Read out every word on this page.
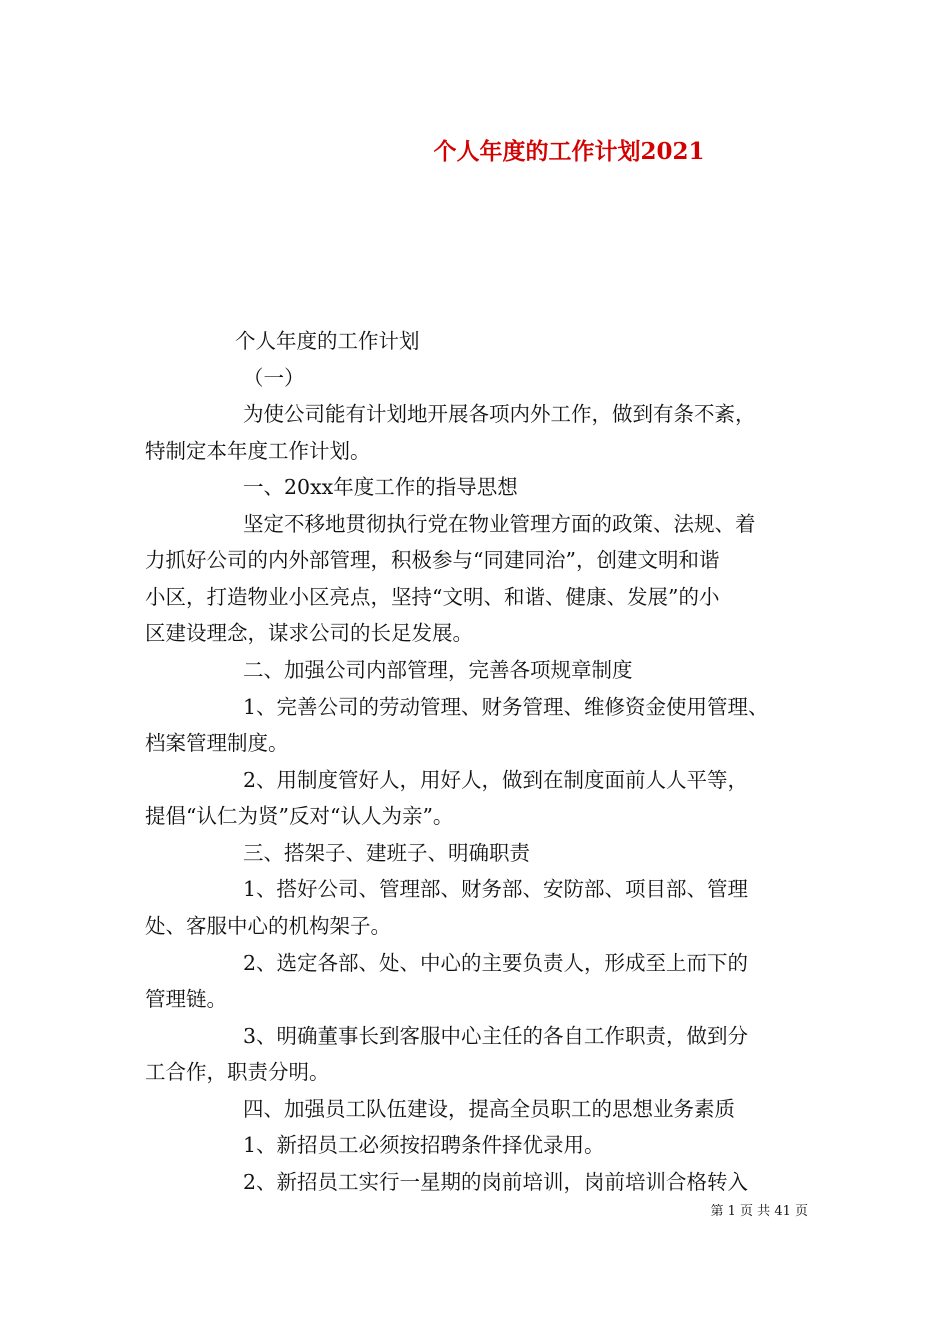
个人年度的工作计划2021
个人年度的工作计划
（一）
为使公司能有计划地开展各项内外工作，做到有条不紊，
特制定本年度工作计划。
一、20xx年度工作的指导思想
坚定不移地贯彻执行党在物业管理方面的政策、法规、着
力抓好公司的内外部管理，积极参与“同建同治”，创建文明和谐
小区，打造物业小区亮点，坚持“文明、和谐、健康、发展”的小
区建设理念，谋求公司的长足发展。
二、加强公司内部管理，完善各项规章制度
1、完善公司的劳动管理、财务管理、维修资金使用管理、
档案管理制度。
2、用制度管好人，用好人，做到在制度面前人人平等，
提倡“认仁为贤”反对“认人为亲”。
三、搭架子、建班子、明确职责
1、搭好公司、管理部、财务部、安防部、项目部、管理
处、客服中心的机构架子。
2、选定各部、处、中心的主要负责人，形成至上而下的
管理链。
3、明确董事长到客服中心主任的各自工作职责，做到分
工合作，职责分明。
四、加强员工队伍建设，提高全员职工的思想业务素质
1、新招员工必须按招聘条件择优录用。
2、新招员工实行一星期的岗前培训，岗前培训合格转入
第 1 页 共 41 页
